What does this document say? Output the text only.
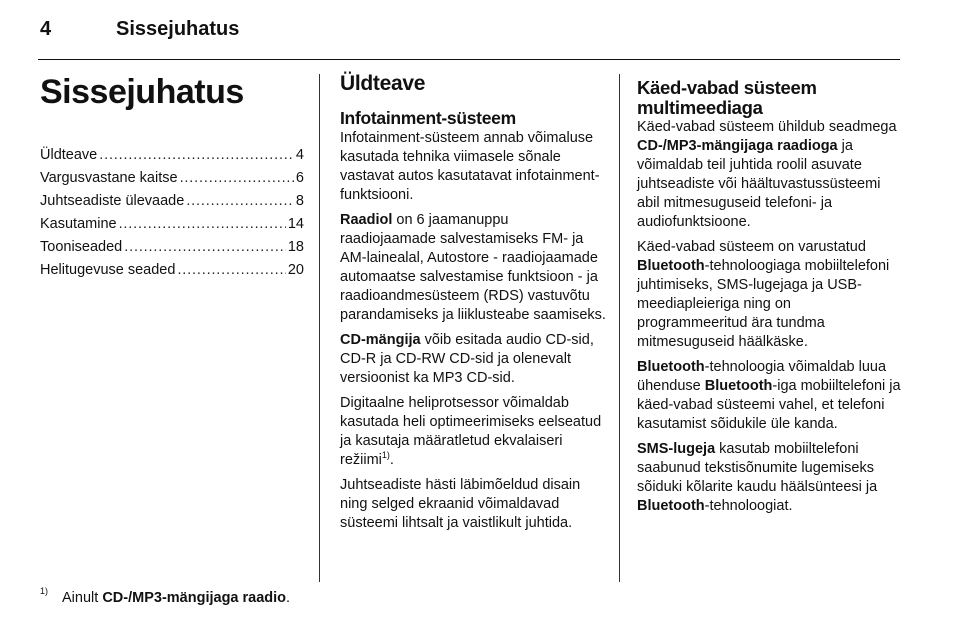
4	Sissejuhatus
Sissejuhatus
Üldteave . . .	4
Vargusvastane kaitse . . .	6
Juhtseadiste ülevaade . . .	8
Kasutamine . . .	14
Tooniseaded . . .	18
Helitugevuse seaded . . .	20
Üldteave
Infotainment-süsteem

Infotainment-süsteem annab võimaluse kasutada tehnika viimasele sõnale vastavat autos kasutatavat infotainment-funktsiooni.

Raadiol on 6 jaamanuppu raadiojaamade salvestamiseks FM- ja AM-lainealal, Autostore - raadiojaamade automaatse salvestamise funktsioon - ja raadioandmesüsteem (RDS) vastuvõtu parandamiseks ja liiklusteabe saamiseks.

CD-mängija võib esitada audio CD-sid, CD-R ja CD-RW CD-sid ja olenevalt versioonist ka MP3 CD-sid.

Digitaalne heliprotsessor võimaldab kasutada heli optimeerimiseks eelseatud ja kasutaja määratletud ekvalaiseri režiimi$^{1)}$.

Juhtseadiste hästi läbimõeldud disain ning selged ekraanid võimaldavad süsteemi lihtsalt ja vaistlikult juhtida.

Käed-vabad süsteem multimeediaga

Käed-vabad süsteem ühildub seadmega
CD-/MP3-mängijaga raadioga ja võimaldab teil juhtida roolil asuvate juhtseadiste või häältuvastussüsteemi abil mitmesuguseid telefoni- ja audiofunktsioone.

Käed-vabad süsteem on varustatud Bluetooth-tehnoloogiaga mobiiltelefoni juhtimiseks, SMS-lugejaga ja USB-meediapleieriga ning on programmeeritud ära tundma mitmesuguseid häälkäske.

Bluetooth-tehnoloogia võimaldab luua ühenduse Bluetooth-iga mobiiltelefoni ja käed-vabad süsteemi vahel, et telefoni kasutamist sõidukile üle kanda.

SMS-lugeja kasutab mobiiltelefoni saabunud tekstisõnumite lugemiseks sõiduki kõlarite kaudu häälsünteesi ja Bluetooth-tehnoloogiat.

$^{1)}$ Ainult CD-/MP3-mängijaga raadio.
